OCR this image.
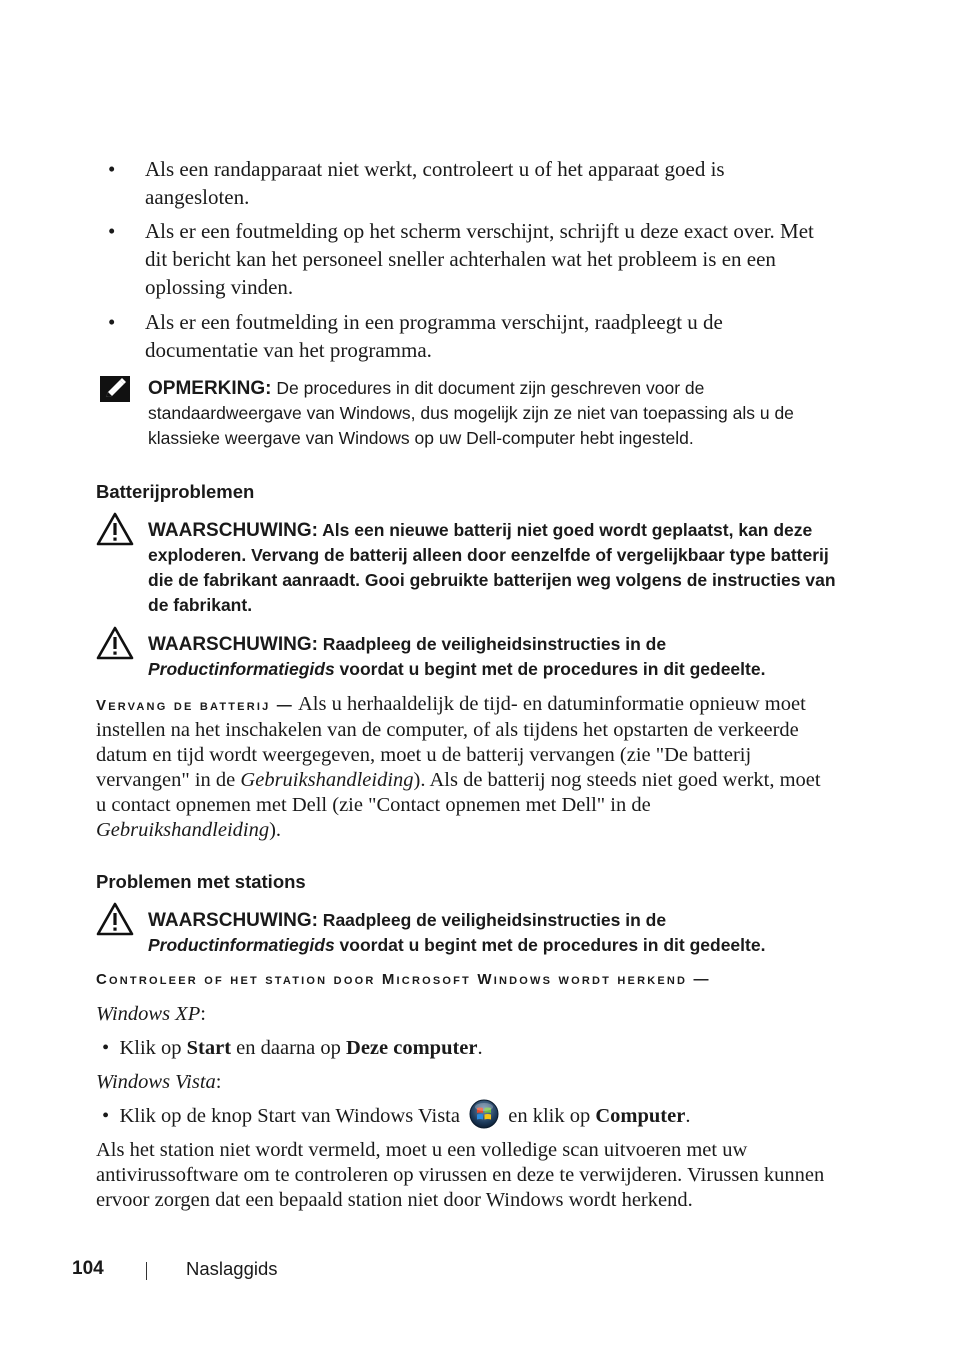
• Als een randapparaat niet werkt, controleert u of het apparaat goed is aangesloten.
• Als er een foutmelding op het scherm verschijnt, schrijft u deze exact over. Met dit bericht kan het personeel sneller achterhalen wat het probleem is en een oplossing vinden.
• Als er een foutmelding in een programma verschijnt, raadpleegt u de documentatie van het programma.
OPMERKING: De procedures in dit document zijn geschreven voor de standaardweergave van Windows, dus mogelijk zijn ze niet van toepassing als u de klassieke weergave van Windows op uw Dell-computer hebt ingesteld.
Batterijproblemen
WAARSCHUWING: Als een nieuwe batterij niet goed wordt geplaatst, kan deze exploderen. Vervang de batterij alleen door eenzelfde of vergelijkbaar type batterij die de fabrikant aanraadt. Gooi gebruikte batterijen weg volgens de instructies van de fabrikant.
WAARSCHUWING: Raadpleeg de veiligheidsinstructies in de Productinformatiegids voordat u begint met de procedures in dit gedeelte.
Vervang de batterij — Als u herhaaldelijk de tijd- en datuminformatie opnieuw moet instellen na het inschakelen van de computer, of als tijdens het opstarten de verkeerde datum en tijd wordt weergegeven, moet u de batterij vervangen (zie "De batterij vervangen" in de Gebruikshandleiding). Als de batterij nog steeds niet goed werkt, moet u contact opnemen met Dell (zie "Contact opnemen met Dell" in de Gebruikshandleiding).
Problemen met stations
WAARSCHUWING: Raadpleeg de veiligheidsinstructies in de Productinformatiegids voordat u begint met de procedures in dit gedeelte.
Controleer of het station door Microsoft Windows wordt herkend —
Windows XP:
• Klik op Start en daarna op Deze computer.
Windows Vista:
• Klik op de knop Start van Windows Vista en klik op Computer.
Als het station niet wordt vermeld, moet u een volledige scan uitvoeren met uw antivirussoftware om te controleren op virussen en deze te verwijderen. Virussen kunnen ervoor zorgen dat een bepaald station niet door Windows wordt herkend.
104	Naslaggids
